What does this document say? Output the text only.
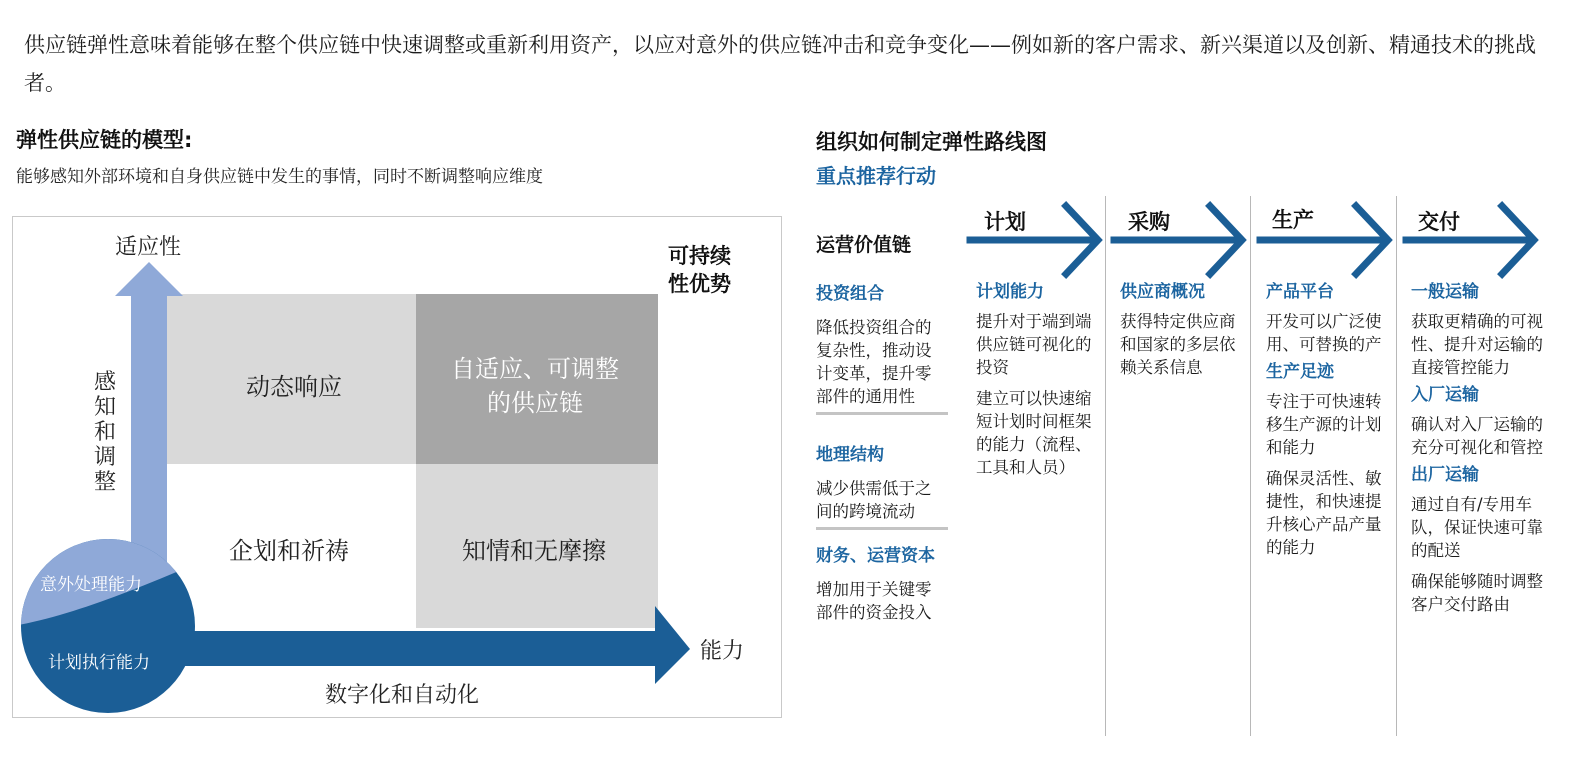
供应链弹性意味着能够在整个供应链中快速调整或重新利用资产，以应对意外的供应链冲击和竞争变化——例如新的客户需求、新兴渠道以及创新、精通技术的挑战者。
弹性供应链的模型:
能够感知外部环境和自身供应链中发生的事情，同时不断调整响应维度
动态响应
自适应、可调整的供应链
企划和祈祷	知情和无摩擦
适应性
感知和调整
可持续性优势
能力
数字化和自动化
意外处理能力
计划执行能力
组织如何制定弹性路线图
重点推荐行动
运营价值链
投资组合
降低投资组合的 复杂性，推动设 计变革，提升零 部件的通用性
地理结构
减少供需低于之 间的跨境流动
财务、运营资本
增加用于关键零 部件的资金投入
计划	采购	生产	交付
计划能力
提升对于端到端 供应链可视化的 投资
建立可以快速缩 短计划时间框架 的能力（流程、 工具和人员）
供应商概况
获得特定供应商 和国家的多层依 赖关系信息
产品平台
开发可以广泛使 用、可替换的产
生产足迹
专注于可快速转 移生产源的计划 和能力
确保灵活性、敏 捷性，和快速提 升核心产品产量 的能力
一般运输
获取更精确的可视性、提升对运输的直接管控能力
入厂运输
确认对入厂运输的充分可视化和管控
出厂运输
通过自有/专用车队，保证快速可靠的配送
确保能够随时调整客户交付路由
